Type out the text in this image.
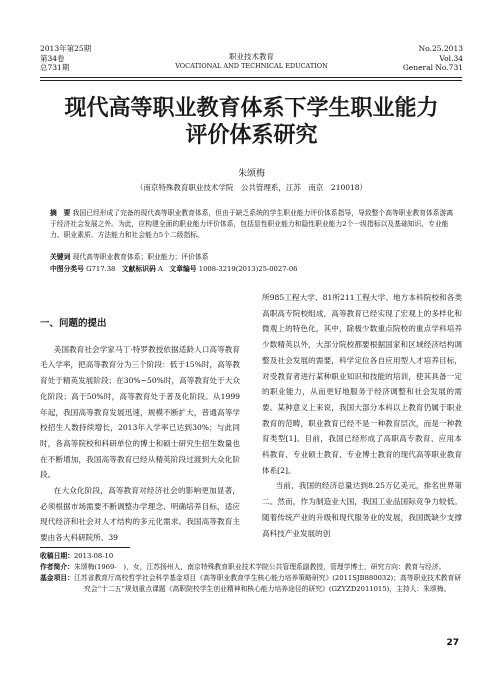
2013年第25期
第34卷
总731期
职业技术教育
VOCATIONAL AND TECHNICAL EDUCATION
No.25.2013
Vol.34
General No.731
现代高等职业教育体系下学生职业能力
评价体系研究
朱颂梅
（南京特殊教育职业技术学院　公共管理系，江苏　南京　210018）
摘　要 我国已经形成了完备的现代高等职业教育体系，但由于缺乏系统的学生职业能力评价体系指导，导致整个高等职业教育体系游离于经济社会发展之外。为此，应构建全面的职业能力评价体系，包括显性职业能力和隐性职业能力2个一级指标以及基础知识、专业能力、职业素质、方法能力和社会能力5个二级指标。
关键词 现代高等职业教育体系；职业能力；评价体系
中图分类号 G717.38 文献标识码 A 文章编号 1008-3219(2013)25-0027-06
一、问题的提出

美国教育社会学家马丁·特罗教授依据适龄人口高等教育毛入学率，把高等教育分为三个阶段：低于15%时，高等教育处于精英发展阶段；在30%~50%时，高等教育处于大众化阶段；高于50%时，高等教育处于普及化阶段。从1999年起，我国高等教育发展迅速，规模不断扩大，普通高等学校招生人数持续增长，2013年入学率已达到30%；与此同时，各高等院校和科研单位的博士和硕士研究生招生数量也在不断增加，我国高等教育已经从精英阶段过渡到大众化阶段。

在大众化阶段，高等教育对经济社会的影响更加显著，必须根据市场需要不断调整办学理念、明确培养目标，适应现代经济和社会对人才结构的多元化需求。我国高等教育主要由各大科研院所、39

所985工程大学、81所211工程大学、地方本科院校和各类高职高专院校组成，高等教育已经实现了宏观上的多样化和微观上的特色化，其中，除极少数重点院校的重点学科培养少数精英以外，大部分院校都要根据国家和区域经济结构调整及社会发展的需要，科学定位各自应用型人才培养目标，对受教育者进行某种职业知识和技能的培训，使其具备一定的职业能力，从而更好地服务于经济调整和社会发展的需要。某种意义上来说，我国大部分本科以上教育仍属于职业教育的范畴，职业教育已经不是一种教育层次，而是一种教育类型[1]。目前，我国已经形成了高职高专教育、应用本科教育、专业硕士教育、专业博士教育的现代高等职业教育体系[2]。

当前，我国的经济总量达到8.25万亿美元，排名世界第二。然而，作为制造业大国，我国工业品国际竞争力较低。随着传统产业的升级和现代服务业的发展，我国既缺少支撑高科技产业发展的创

收稿日期：2013-08-10
作者简介：朱颂梅(1969-　)，女，江苏扬州人，南京特殊教育职业技术学院公共管理系副教授，管理学博士，研究方向：教育与经济。
基金项目：江苏省教育厅高校哲学社会科学基金项目《高等职业教育学生核心能力培养策略研究》(2011SJB880032)；高等职业技术教育研究会“十二五”规划重点课题《高职院校学生创业精神和核心能力培养途径的研究》(GZYZD2011015)，主持人：朱颂梅。
27
